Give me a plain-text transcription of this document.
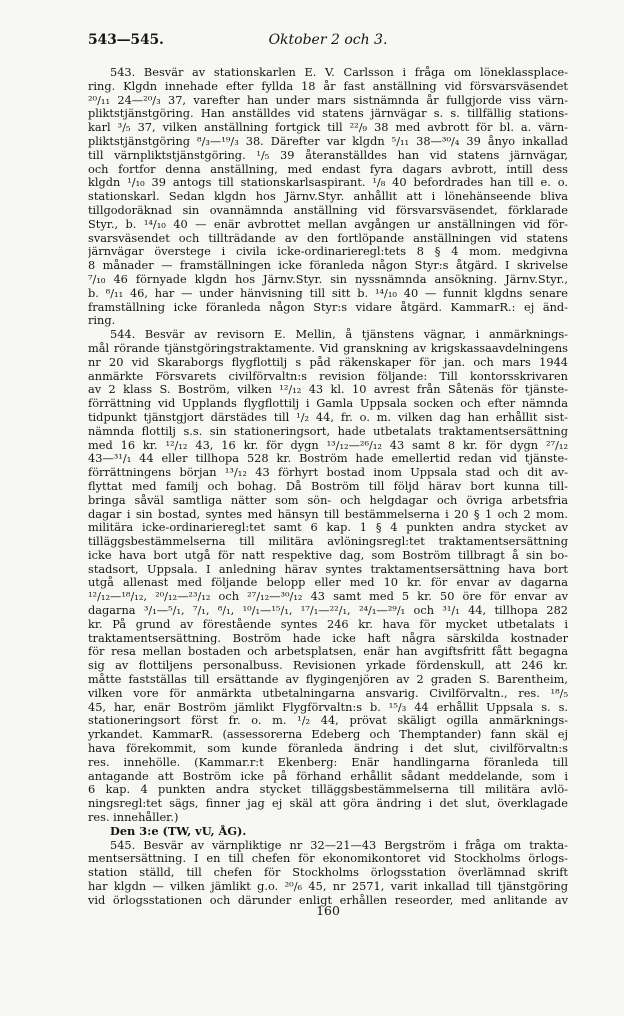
543—545.	Oktober 2 och 3.
543. Besvär av stationskarlen E. V. Carlsson i fråga om löneklassplace-
ring. Klgdn innehade efter fyllda 18 år fast anställning vid försvarsväsendet
²⁰/₁₁ 24—²⁰/₃ 37, varefter han under mars sistnämnda år fullgjorde viss värn-
pliktstjänstgöring. Han anställdes vid statens järnvägar s. s. tillfällig stations-
karl ³/₅ 37, vilken anställning fortgick till ²²/₉ 38 med avbrott för bl. a. värn-
pliktstjänstgöring ⁸/₃—¹⁹/₃ 38. Därefter var klgdn ⁵/₁₁ 38—³⁰/₄ 39 ånyo inkallad
till värnpliktstjänstgöring. ¹/₅ 39 återanställdes han vid statens järnvägar,
och fortfor denna anställning, med endast fyra dagars avbrott, intill dess
klgdn ¹/₁₀ 39 antogs till stationskarlsaspirant. ¹/₈ 40 befordrades han till e. o.
stationskarl. Sedan klgdn hos Järnv.Styr. anhållit att i lönehänseende bliva
tillgodoräknad sin ovannämnda anställning vid försvarsväsendet, förklarade
Styr., b. ¹⁴/₁₀ 40 — enär avbrottet mellan avgången ur anställningen vid för-
svarsväsendet och tillträdande av den fortlöpande anställningen vid statens
järnvägar överstege i civila icke-ordinarieregl:tets 8 § 4 mom. medgivna
8 månader — framställningen icke föranleda någon Styr:s åtgärd. I skrivelse
⁷/₁₀ 46 förnyade klgdn hos Järnv.Styr. sin nyssnämnda ansökning. Järnv.Styr.,
b. ⁸/₁₁ 46, har — under hänvisning till sitt b. ¹⁴/₁₀ 40 — funnit klgdns senare
framställning icke föranleda någon Styr:s vidare åtgärd. KammarR.: ej änd-
ring.
544. Besvär av revisorn E. Mellin, å tjänstens vägnar, i anmärknings-
mål rörande tjänstgöringstraktamente. Vid granskning av krigskassaavdelningens
nr 20 vid Skaraborgs flygflottilj s påd räkenskaper för jan. och mars 1944
anmärkte Försvarets civilförvaltn:s revision följande: Till kontorsskrivaren
av 2 klass S. Boström, vilken ¹²/₁₂ 43 kl. 10 avrest från Såtenäs för tjänste-
förrättning vid Upplands flygflottilj i Gamla Uppsala socken och efter nämnda
tidpunkt tjänstgjort därstädes till ¹/₂ 44, fr. o. m. vilken dag han erhållit sist-
nämnda flottilj s.s. sin stationeringsort, hade utbetalats traktamentsersättning
med 16 kr. ¹²/₁₂ 43, 16 kr. för dygn ¹³/₁₂—²⁶/₁₂ 43 samt 8 kr. för dygn ²⁷/₁₂
43—³¹/₁ 44 eller tillhopa 528 kr. Boström hade emellertid redan vid tjänste-
förrättningens början ¹³/₁₂ 43 förhyrt bostad inom Uppsala stad och dit av-
flyttat med familj och bohag. Då Boström till följd härav bort kunna till-
bringa såväl samtliga nätter som sön- och helgdagar och övriga arbetsfria
dagar i sin bostad, syntes med hänsyn till bestämmelserna i 20 § 1 och 2 mom.
militära icke-ordinarieregl:tet samt 6 kap. 1 § 4 punkten andra stycket av
tilläggsbestämmelserna till militära avlöningsregl:tet traktamentsersättning
icke hava bort utgå för natt respektive dag, som Boström tillbragt å sin bo-
stadsort, Uppsala. I anledning härav syntes traktamentsersättning hava bort
utgå allenast med följande belopp eller med 10 kr. för envar av dagarna
¹²/₁₂—¹⁸/₁₂, ²⁰/₁₂—²³/₁₂ och ²⁷/₁₂—³⁰/₁₂ 43 samt med 5 kr. 50 öre för envar av
dagarna ³/₁—⁵/₁, ⁷/₁, ⁸/₁, ¹⁰/₁—¹⁵/₁, ¹⁷/₁—²²/₁, ²⁴/₁—²⁹/₁ och ³¹/₁ 44, tillhopa 282
kr. På grund av förestående syntes 246 kr. hava för mycket utbetalats i
traktamentsersättning. Boström hade icke haft några särskilda kostnader
för resa mellan bostaden och arbetsplatsen, enär han avgiftsfritt fått begagna
sig av flottiljens personalbuss. Revisionen yrkade fördenskull, att 246 kr.
måtte fastställas till ersättande av flygingenjören av 2 graden S. Barentheim,
vilken vore för anmärkta utbetalningarna ansvarig. Civilförvaltn., res. ¹⁸/₅
45, har, enär Boström jämlikt Flygförvaltn:s b. ¹⁵/₃ 44 erhållit Uppsala s. s.
stationeringsort först fr. o. m. ¹/₂ 44, prövat skäligt ogilla anmärknings-
yrkandet. KammarR. (assessorerna Edeberg och Themptander) fann skäl ej
hava förekommit, som kunde föranleda ändring i det slut, civilförvaltn:s
res. innehölle. (Kammar.r:t Ekenberg: Enär handlingarna föranleda till
antagande att Boström icke på förhand erhållit sådant meddelande, som i
6 kap. 4 punkten andra stycket tilläggsbestämmelserna till militära avlö-
ningsregl:tet sägs, finner jag ej skäl att göra ändring i det slut, överklagade
res. innehåller.)
Den 3:e (TW, vU, ÅG).
545. Besvär av värnpliktige nr 32—21—43 Bergström i fråga om trakta-
mentsersättning. I en till chefen för ekonomikontoret vid Stockholms örlogs-
station ställd, till chefen för Stockholms örlogsstation överlämnad skrift
har klgdn — vilken jämlikt g.o. ²⁰/₆ 45, nr 2571, varit inkallad till tjänstgöring
vid örlogsstationen och därunder enligt erhållen reseorder, med anlitande av
160
